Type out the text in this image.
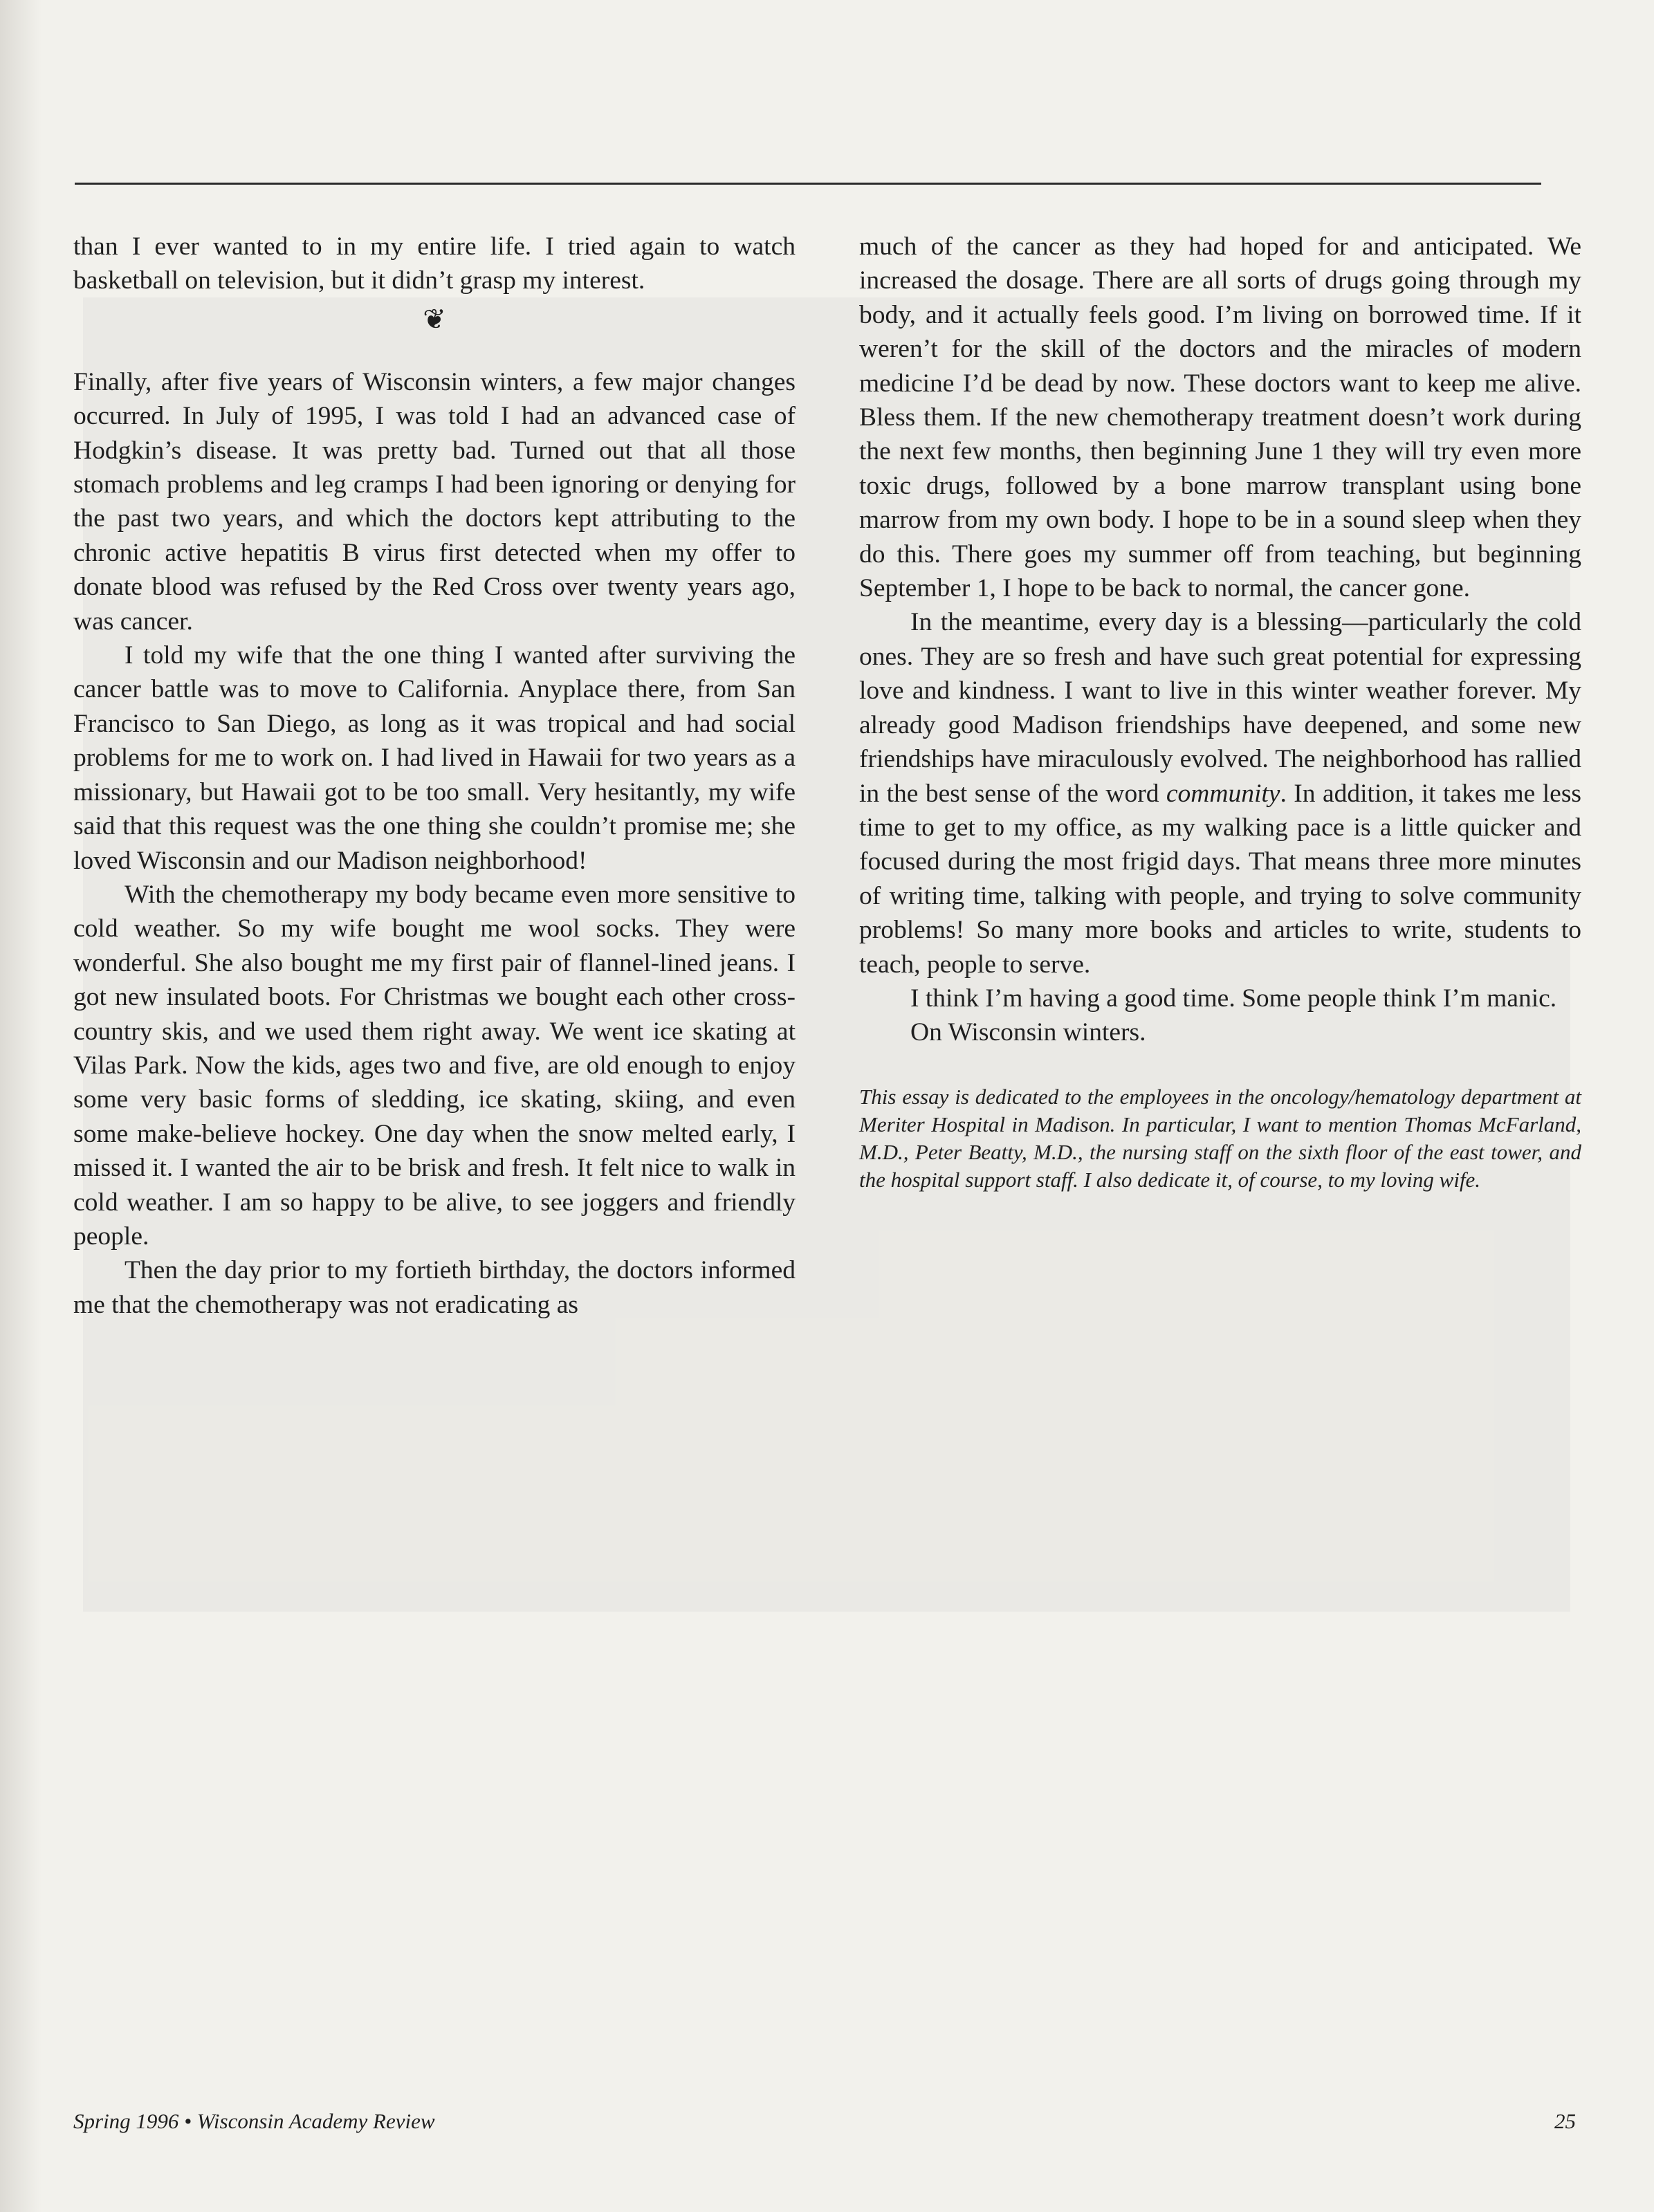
than I ever wanted to in my entire life. I tried again to watch basketball on television, but it didn’t grasp my interest.

❦

Finally, after five years of Wisconsin winters, a few major changes occurred. In July of 1995, I was told I had an advanced case of Hodgkin’s disease. It was pretty bad. Turned out that all those stomach problems and leg cramps I had been ignoring or denying for the past two years, and which the doctors kept attributing to the chronic active hepatitis B virus first detected when my offer to donate blood was refused by the Red Cross over twenty years ago, was cancer.

I told my wife that the one thing I wanted after surviving the cancer battle was to move to California. Anyplace there, from San Francisco to San Diego, as long as it was tropical and had social problems for me to work on. I had lived in Hawaii for two years as a missionary, but Hawaii got to be too small. Very hesitantly, my wife said that this request was the one thing she couldn’t promise me; she loved Wisconsin and our Madison neighborhood!

With the chemotherapy my body became even more sensitive to cold weather. So my wife bought me wool socks. They were wonderful. She also bought me my first pair of flannel-lined jeans. I got new insulated boots. For Christmas we bought each other cross-country skis, and we used them right away. We went ice skating at Vilas Park. Now the kids, ages two and five, are old enough to enjoy some very basic forms of sledding, ice skating, skiing, and even some make-believe hockey. One day when the snow melted early, I missed it. I wanted the air to be brisk and fresh. It felt nice to walk in cold weather. I am so happy to be alive, to see joggers and friendly people.

Then the day prior to my fortieth birthday, the doctors informed me that the chemotherapy was not eradicating as

much of the cancer as they had hoped for and anticipated. We increased the dosage. There are all sorts of drugs going through my body, and it actually feels good. I’m living on borrowed time. If it weren’t for the skill of the doctors and the miracles of modern medicine I’d be dead by now. These doctors want to keep me alive. Bless them. If the new chemotherapy treatment doesn’t work during the next few months, then beginning June 1 they will try even more toxic drugs, followed by a bone marrow transplant using bone marrow from my own body. I hope to be in a sound sleep when they do this. There goes my summer off from teaching, but beginning September 1, I hope to be back to normal, the cancer gone.

In the meantime, every day is a blessing—particularly the cold ones. They are so fresh and have such great potential for expressing love and kindness. I want to live in this winter weather forever. My already good Madison friendships have deepened, and some new friendships have miraculously evolved. The neighborhood has rallied in the best sense of the word community. In addition, it takes me less time to get to my office, as my walking pace is a little quicker and focused during the most frigid days. That means three more minutes of writing time, talking with people, and trying to solve community problems! So many more books and articles to write, students to teach, people to serve.

I think I’m having a good time. Some people think I’m manic.

On Wisconsin winters.

This essay is dedicated to the employees in the oncology/hematology department at Meriter Hospital in Madison. In particular, I want to mention Thomas McFarland, M.D., Peter Beatty, M.D., the nursing staff on the sixth floor of the east tower, and the hospital support staff. I also dedicate it, of course, to my loving wife.

Spring 1996 • Wisconsin Academy Review	25
